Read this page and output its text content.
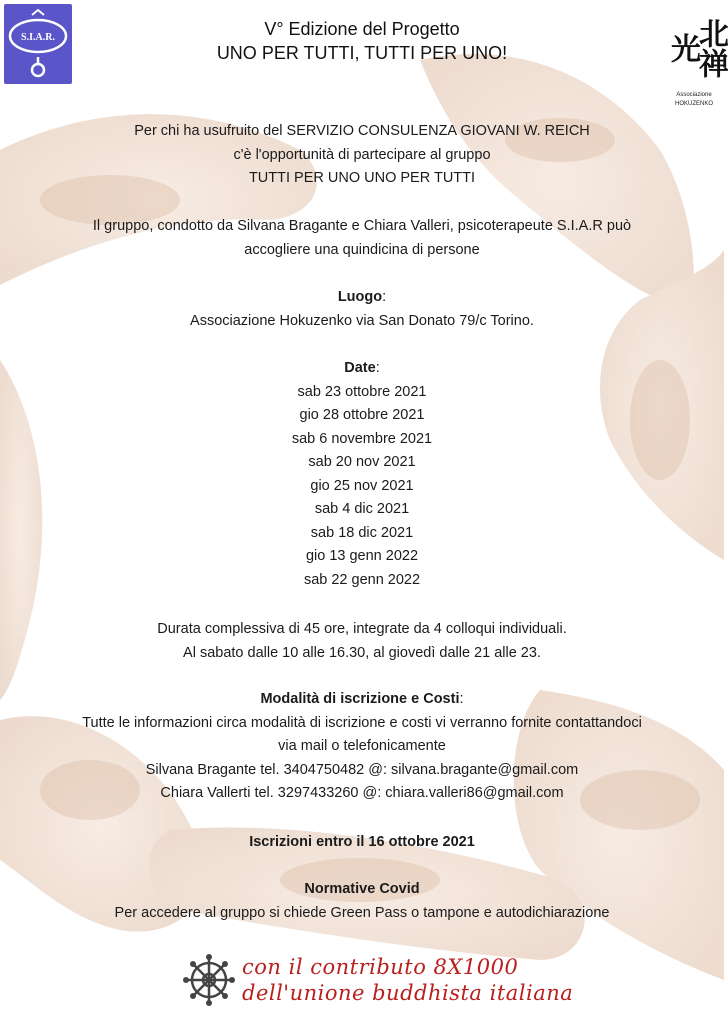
S.I.A.R.	北禅光
Associazione
HOKUZENKO
V° Edizione del Progetto
UNO PER TUTTI, TUTTI PER UNO!
Per chi ha usufruito del SERVIZIO CONSULENZA GIOVANI W. REICH
c'è l'opportunità di partecipare al gruppo
TUTTI PER UNO UNO PER TUTTI
Il gruppo, condotto da Silvana Bragante e Chiara Valleri, psicoterapeute S.I.A.R può
accogliere una quindicina di persone
Luogo:
Associazione Hokuzenko via San Donato 79/c Torino.
Date:
sab 23 ottobre 2021
gio 28 ottobre 2021
sab 6 novembre 2021
sab 20 nov 2021
gio 25 nov 2021
sab 4 dic 2021
sab 18 dic 2021
gio 13 genn 2022
sab 22 genn 2022
Durata complessiva di 45 ore, integrate da 4 colloqui individuali.
Al sabato dalle 10 alle 16.30, al giovedì dalle 21 alle 23.
Modalità di iscrizione e Costi:
Tutte le informazioni circa modalità di iscrizione e costi vi verranno fornite contattandoci
via mail o telefonicamente
Silvana Bragante tel. 3404750482 @: silvana.bragante@gmail.com
Chiara Vallerti tel. 3297433260 @: chiara.valleri86@gmail.com
Iscrizioni entro il 16 ottobre 2021
Normative Covid
Per accedere al gruppo si chiede Green Pass o tampone e autodichiarazione
con il contributo 8X1000
dell'unione buddhista italiana
